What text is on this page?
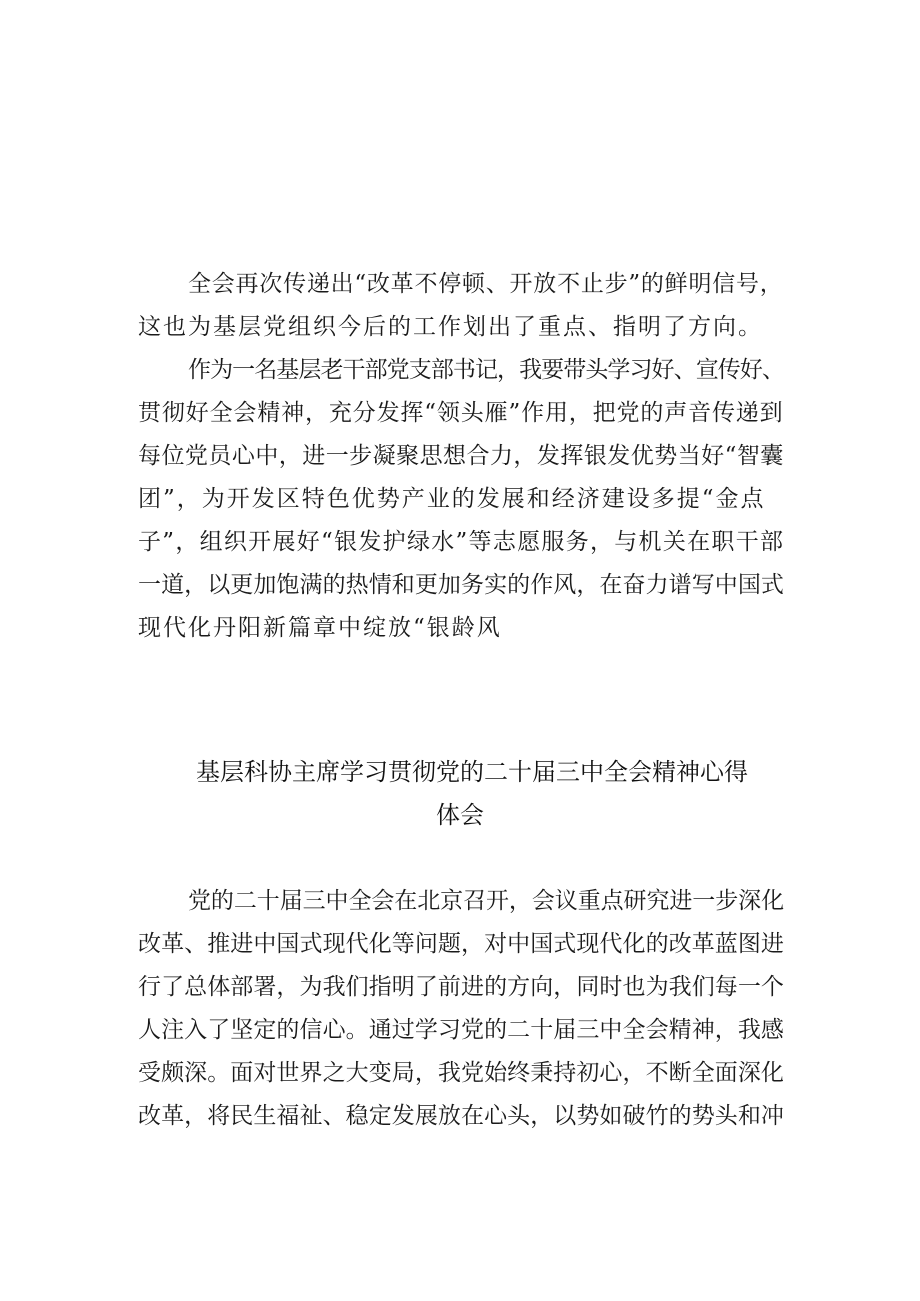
全会再次传递出“改革不停顿、开放不止步”的鲜明信号，
这也为基层党组织今后的工作划出了重点、指明了方向。
作为一名基层老干部党支部书记，我要带头学习好、宣传好、
贯彻好全会精神，充分发挥“领头雁”作用，把党的声音传递到
每位党员心中，进一步凝聚思想合力，发挥银发优势当好“智囊
团”，为开发区特色优势产业的发展和经济建设多提“金点
子”，组织开展好“银发护绿水”等志愿服务，与机关在职干部
一道，以更加饱满的热情和更加务实的作风，在奋力谱写中国式
现代化丹阳新篇章中绽放“银龄风
基层科协主席学习贯彻党的二十届三中全会精神心得
体会
党的二十届三中全会在北京召开，会议重点研究进一步深化
改革、推进中国式现代化等问题，对中国式现代化的改革蓝图进
行了总体部署，为我们指明了前进的方向，同时也为我们每一个
人注入了坚定的信心。通过学习党的二十届三中全会精神，我感
受颇深。面对世界之大变局，我党始终秉持初心，不断全面深化
改革，将民生福祉、稳定发展放在心头，以势如破竹的势头和冲
